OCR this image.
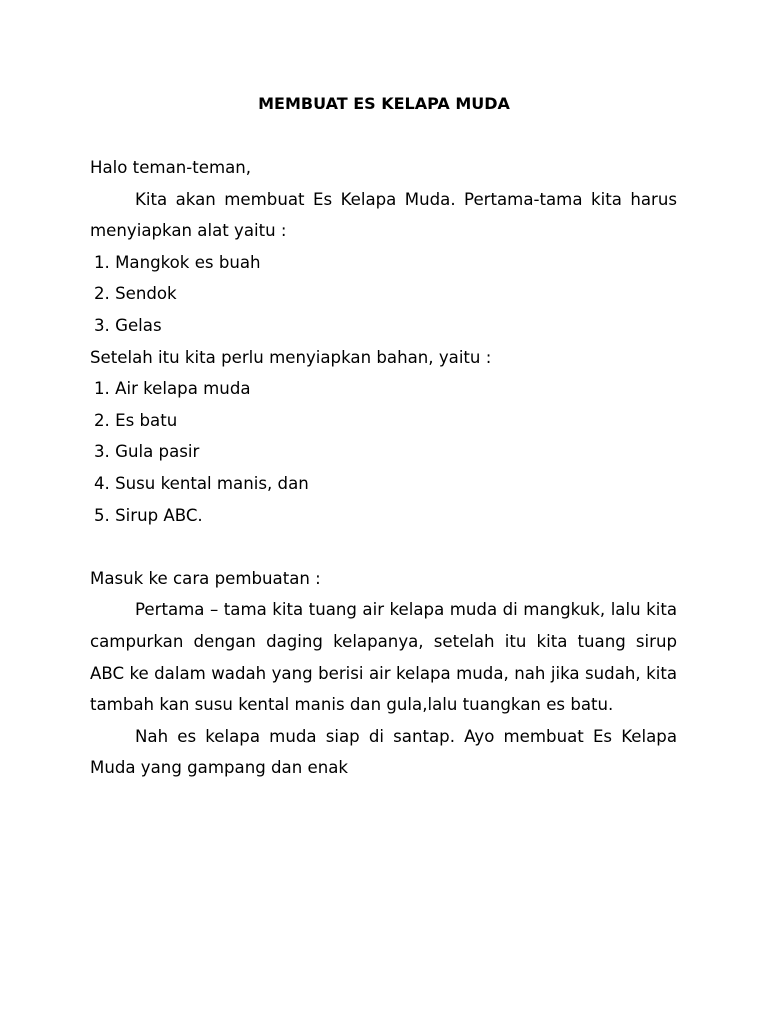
MEMBUAT ES KELAPA MUDA

Halo teman-teman,

Kita akan membuat Es Kelapa Muda. Pertama-tama kita harus menyiapkan alat yaitu :

1. Mangkok es buah
2. Sendok
3. Gelas

Setelah itu kita perlu menyiapkan bahan, yaitu :

1. Air kelapa muda
2. Es batu
3. Gula pasir
4. Susu kental manis, dan
5. Sirup ABC.

Masuk ke cara pembuatan :

Pertama – tama kita tuang air kelapa muda di mangkuk, lalu kita campurkan dengan daging kelapanya, setelah itu kita tuang sirup ABC ke dalam wadah yang berisi air kelapa muda, nah jika sudah, kita tambah kan susu kental manis dan gula,lalu tuangkan es batu.

Nah es kelapa muda siap di santap. Ayo membuat Es Kelapa Muda yang gampang dan enak
